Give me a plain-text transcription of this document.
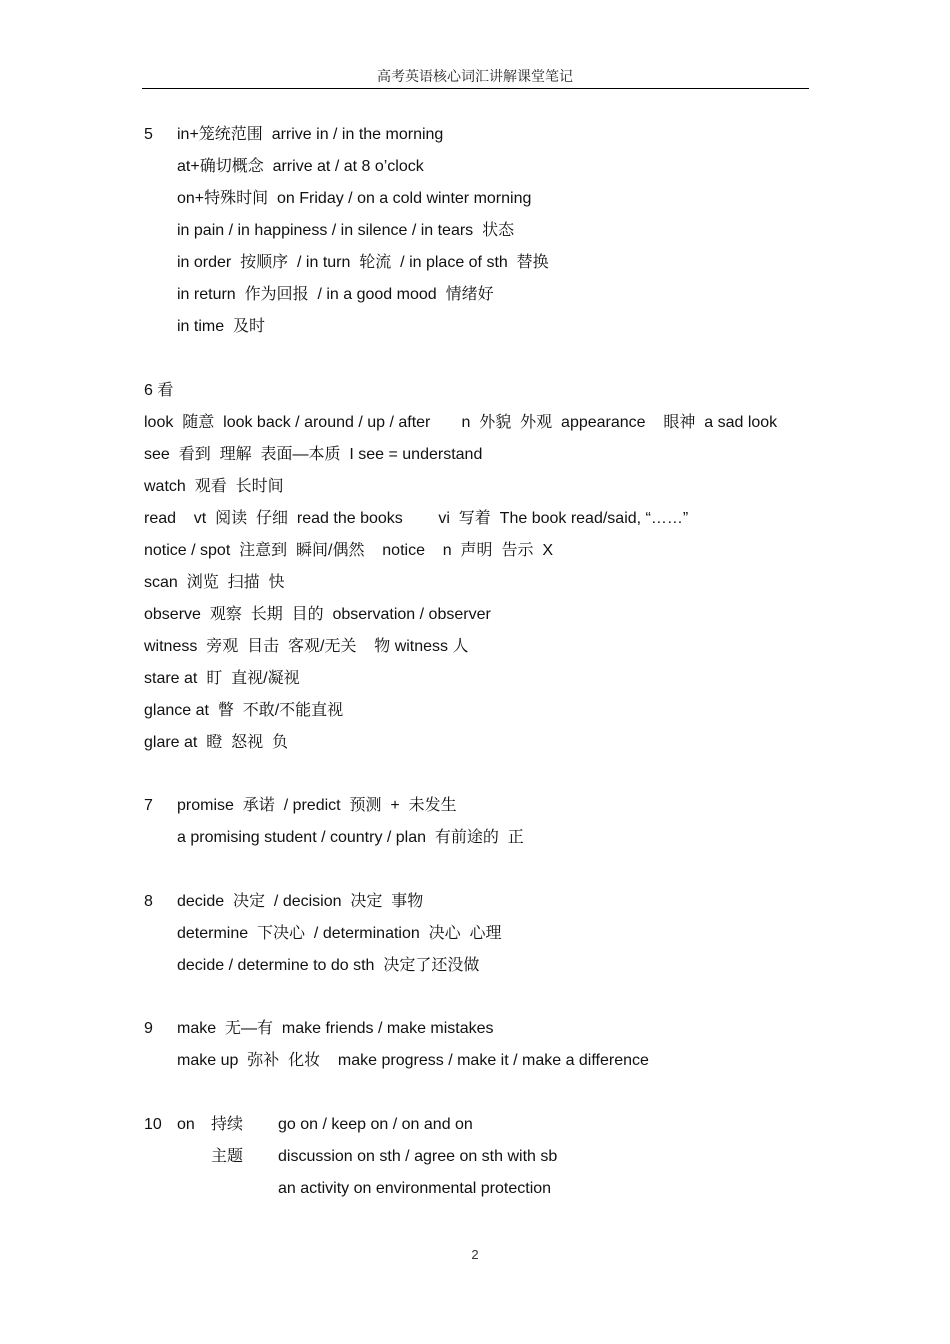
高考英语核心词汇讲解课堂笔记
5 in+笼统范围  arrive in / in the morning
at+确切概念  arrive at / at 8 o’clock
on+特殊时间  on Friday / on a cold winter morning
in pain / in happiness / in silence / in tears  状态
in order  按顺序  / in turn  轮流  / in place of sth  替换
in return  作为回报  / in a good mood  情绪好
in time  及时
6 看
look  随意  look back / around / up / after       n  外貌  外观  appearance    眼神  a sad look
see  看到  理解  表面—本质  I see = understand
watch  观看  长时间
read    vt  阅读  仔细  read the books        vi  写着  The book read/said, “……”
notice / spot  注意到  瞬间/偶然    notice    n  声明  告示  X
scan  浏览  扫描  快
observe  观察  长期  目的  observation / observer
witness  旁观  目击  客观/无关    物 witness 人
stare at  盯  直视/凝视
glance at  瞥  不敢/不能直视
glare at  瞪  怒视  负
7 promise  承诺  / predict  预测  +  未发生
a promising student / country / plan  有前途的  正
8 decide  决定  / decision  决定  事物
determine  下决心  / determination  决心  心理
decide / determine to do sth  决定了还没做
9 make  无—有  make friends / make mistakes
make up  弥补  化妆    make progress / make it / make a difference
10 on 持续 go on / keep on / on and on
主题 discussion on sth / agree on sth with sb
an activity on environmental protection
2
